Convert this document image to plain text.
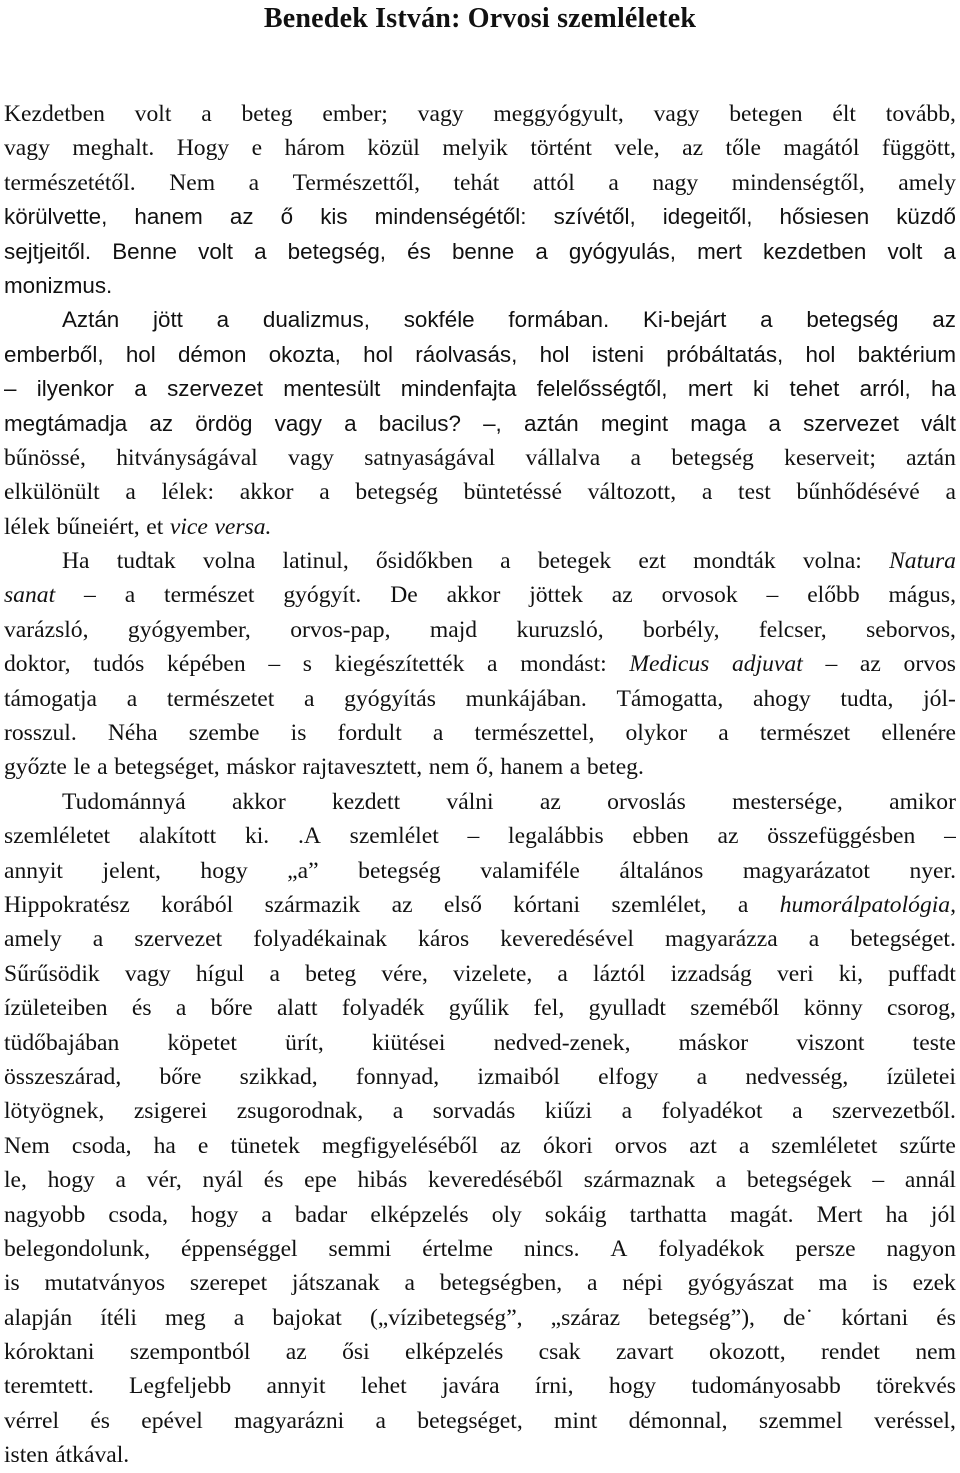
Benedek István: Orvosi szemléletek
Kezdetben volt a beteg ember; vagy meggyógyult, vagy betegen élt tovább,
vagy meghalt. Hogy e három közül melyik történt vele, az tőle magától függött,
természetétől. Nem a Természettől, tehát attól a nagy mindenségtől, amely
körülvette, hanem az ő kis mindenségétől: szívétől, idegeitől, hősiesen küzdő
sejtjeitől. Benne volt a betegség, és benne a gyógyulás, mert kezdetben volt a
monizmus.
Aztán jött a dualizmus, sokféle formában. Ki-bejárt a betegség az
emberből, hol démon okozta, hol ráolvasás, hol isteni próbáltatás, hol baktérium
– ilyenkor a szervezet mentesült mindenfajta felelősségtől, mert ki tehet arról, ha
megtámadja az ördög vagy a bacilus? –, aztán megint maga a szervezet vált
bűnössé, hitványságával vagy satnyaságával vállalva a betegség keserveit; aztán
elkülönült a lélek: akkor a betegség büntetéssé változott, a test bűnhődésévé a
lélek bűneiért, et vice versa.
Ha tudtak volna latinul, ősidőkben a betegek ezt mondták volna: Natura
sanat – a természet gyógyít. De akkor jöttek az orvosok – előbb mágus,
varázsló, gyógyember, orvos-pap, majd kuruzsló, borbély, felcser, seborvos,
doktor, tudós képében – s kiegészítették a mondást: Medicus adjuvat – az orvos
támogatja a természetet a gyógyítás munkájában. Támogatta, ahogy tudta, jól-
rosszul. Néha szembe is fordult a természettel, olykor a természet ellenére
győzte le a betegséget, máskor rajtavesztett, nem ő, hanem a beteg.
Tudománnyá akkor kezdett válni az orvoslás mestersége, amikor
szemléletet alakított ki. .A szemlélet – legalábbis ebben az összefüggésben –
annyit jelent, hogy „a” betegség valamiféle általános magyarázatot nyer.
Hippokratész korából származik az első kórtani szemlélet, a humorálpatológia,
amely a szervezet folyadékainak káros keveredésével magyarázza a betegséget.
Sűrűsödik vagy hígul a beteg vére, vizelete, a láztól izzadság veri ki, puffadt
ízületeiben és a bőre alatt folyadék gyűlik fel, gyulladt szeméből könny csorog,
tüdőbajában köpetet ürít, kiütései nedved-zenek, máskor viszont teste
összeszárad, bőre szikkad, fonnyad, izmaiból elfogy a nedvesség, ízületei
lötyögnek, zsigerei zsugorodnak, a sorvadás kiűzi a folyadékot a szervezetből.
Nem csoda, ha e tünetek megfigyeléséből az ókori orvos azt a szemléletet szűrte
le, hogy a vér, nyál és epe hibás keveredéséből származnak a betegségek – annál
nagyobb csoda, hogy a badar elképzelés oly sokáig tarthatta magát. Mert ha jól
belegondolunk, éppenséggel semmi értelme nincs. A folyadékok persze nagyon
is mutatványos szerepet játszanak a betegségben, a népi gyógyászat ma is ezek
alapján ítéli meg a bajokat („vízibetegség”, „száraz betegség”), de˙ kórtani és
kóroktani szempontból az ősi elképzelés csak zavart okozott, rendet nem
teremtett. Legfeljebb annyit lehet javára írni, hogy tudományosabb törekvés
vérrel és epével magyarázni a betegséget, mint démonnal, szemmel veréssel,
isten átkával.
